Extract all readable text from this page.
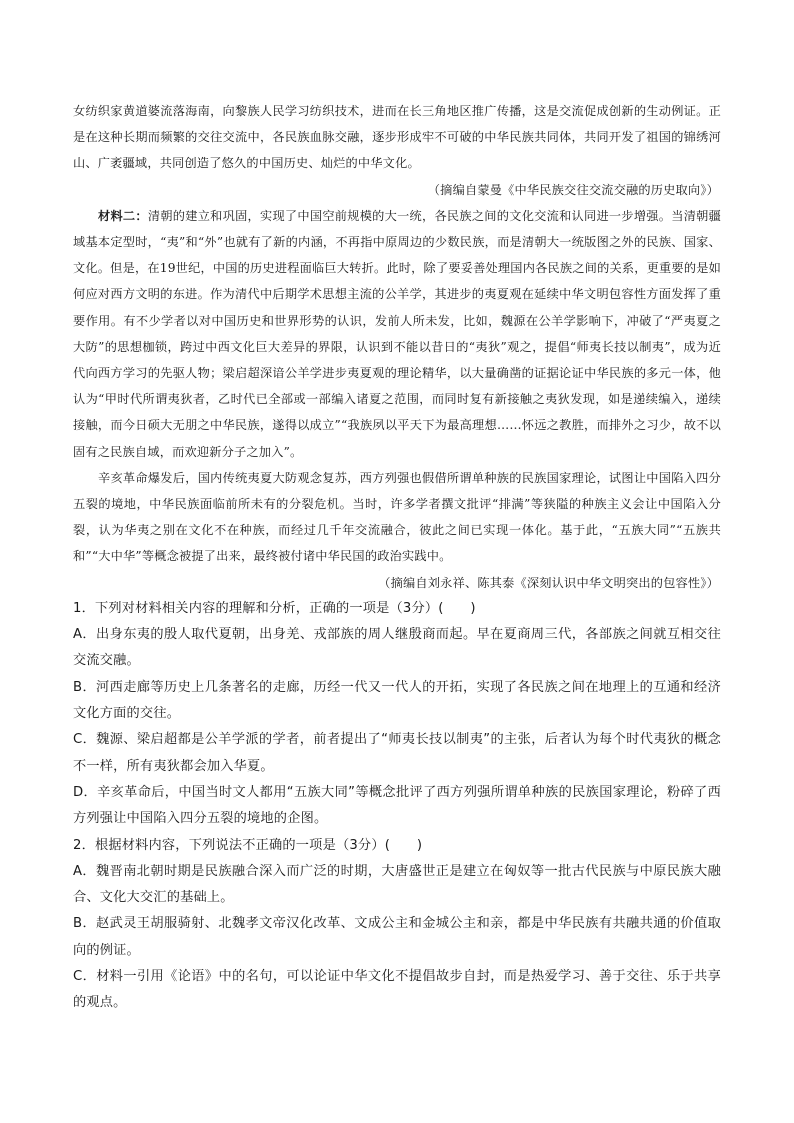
女纺织家黄道婆流落海南，向黎族人民学习纺织技术，进而在长三角地区推广传播，这是交流促成创新的生动例证。正是在这种长期而频繁的交往交流中，各民族血脉交融，逐步形成牢不可破的中华民族共同体，共同开发了祖国的锦绣河山、广袤疆域，共同创造了悠久的中国历史、灿烂的中华文化。

（摘编自蒙曼《中华民族交往交流交融的历史取向》）

材料二：清朝的建立和巩固，实现了中国空前规模的大一统，各民族之间的文化交流和认同进一步增强。当清朝疆域基本定型时，“夷”和“外”也就有了新的内涵，不再指中原周边的少数民族，而是清朝大一统版图之外的民族、国家、文化。但是，在19世纪，中国的历史进程面临巨大转折。此时，除了要妥善处理国内各民族之间的关系，更重要的是如何应对西方文明的东进。作为清代中后期学术思想主流的公羊学，其进步的夷夏观在延续中华文明包容性方面发挥了重要作用。有不少学者以对中国历史和世界形势的认识，发前人所未发，比如，魏源在公羊学影响下，冲破了“严夷夏之大防”的思想枷锁，跨过中西文化巨大差异的界限，认识到不能以昔日的“夷狄”观之，提倡“师夷长技以制夷”，成为近代向西方学习的先驱人物；梁启超深谙公羊学进步夷夏观的理论精华，以大量确凿的证据论证中华民族的多元一体，他认为“甲时代所谓夷狄者，乙时代已全部或一部编入诸夏之范围，而同时复有新接触之夷狄发现，如是递续编入，递续接触，而今日硕大无朋之中华民族，遂得以成立”“我族夙以平天下为最高理想……怀远之教胜，而排外之习少，故不以固有之民族自域，而欢迎新分子之加入”。

辛亥革命爆发后，国内传统夷夏大防观念复苏，西方列强也假借所谓单种族的民族国家理论，试图让中国陷入四分五裂的境地，中华民族面临前所未有的分裂危机。当时，许多学者撰文批评“排满”等狭隘的种族主义会让中国陷入分裂，认为华夷之别在文化不在种族，而经过几千年交流融合，彼此之间已实现一体化。基于此，“五族大同”“五族共和”“大中华”等概念被提了出来，最终被付诸中华民国的政治实践中。

（摘编自刘永祥、陈其泰《深刻认识中华文明突出的包容性》）

1．下列对材料相关内容的理解和分析，正确的一项是（3分）(　　)

A．出身东夷的殷人取代夏朝，出身羌、戎部族的周人继殷商而起。早在夏商周三代，各部族之间就互相交往交流交融。

B．河西走廊等历史上几条著名的走廊，历经一代又一代人的开拓，实现了各民族之间在地理上的互通和经济文化方面的交往。

C．魏源、梁启超都是公羊学派的学者，前者提出了“师夷长技以制夷”的主张，后者认为每个时代夷狄的概念不一样，所有夷狄都会加入华夏。

D．辛亥革命后，中国当时文人都用“五族大同”等概念批评了西方列强所谓单种族的民族国家理论，粉碎了西方列强让中国陷入四分五裂的境地的企图。

2．根据材料内容，下列说法不正确的一项是（3分）(　　)

A．魏晋南北朝时期是民族融合深入而广泛的时期，大唐盛世正是建立在匈奴等一批古代民族与中原民族大融合、文化大交汇的基础上。

B．赵武灵王胡服骑射、北魏孝文帝汉化改革、文成公主和金城公主和亲，都是中华民族有共融共通的价值取向的例证。

C．材料一引用《论语》中的名句，可以论证中华文化不提倡故步自封，而是热爱学习、善于交往、乐于共享的观点。
